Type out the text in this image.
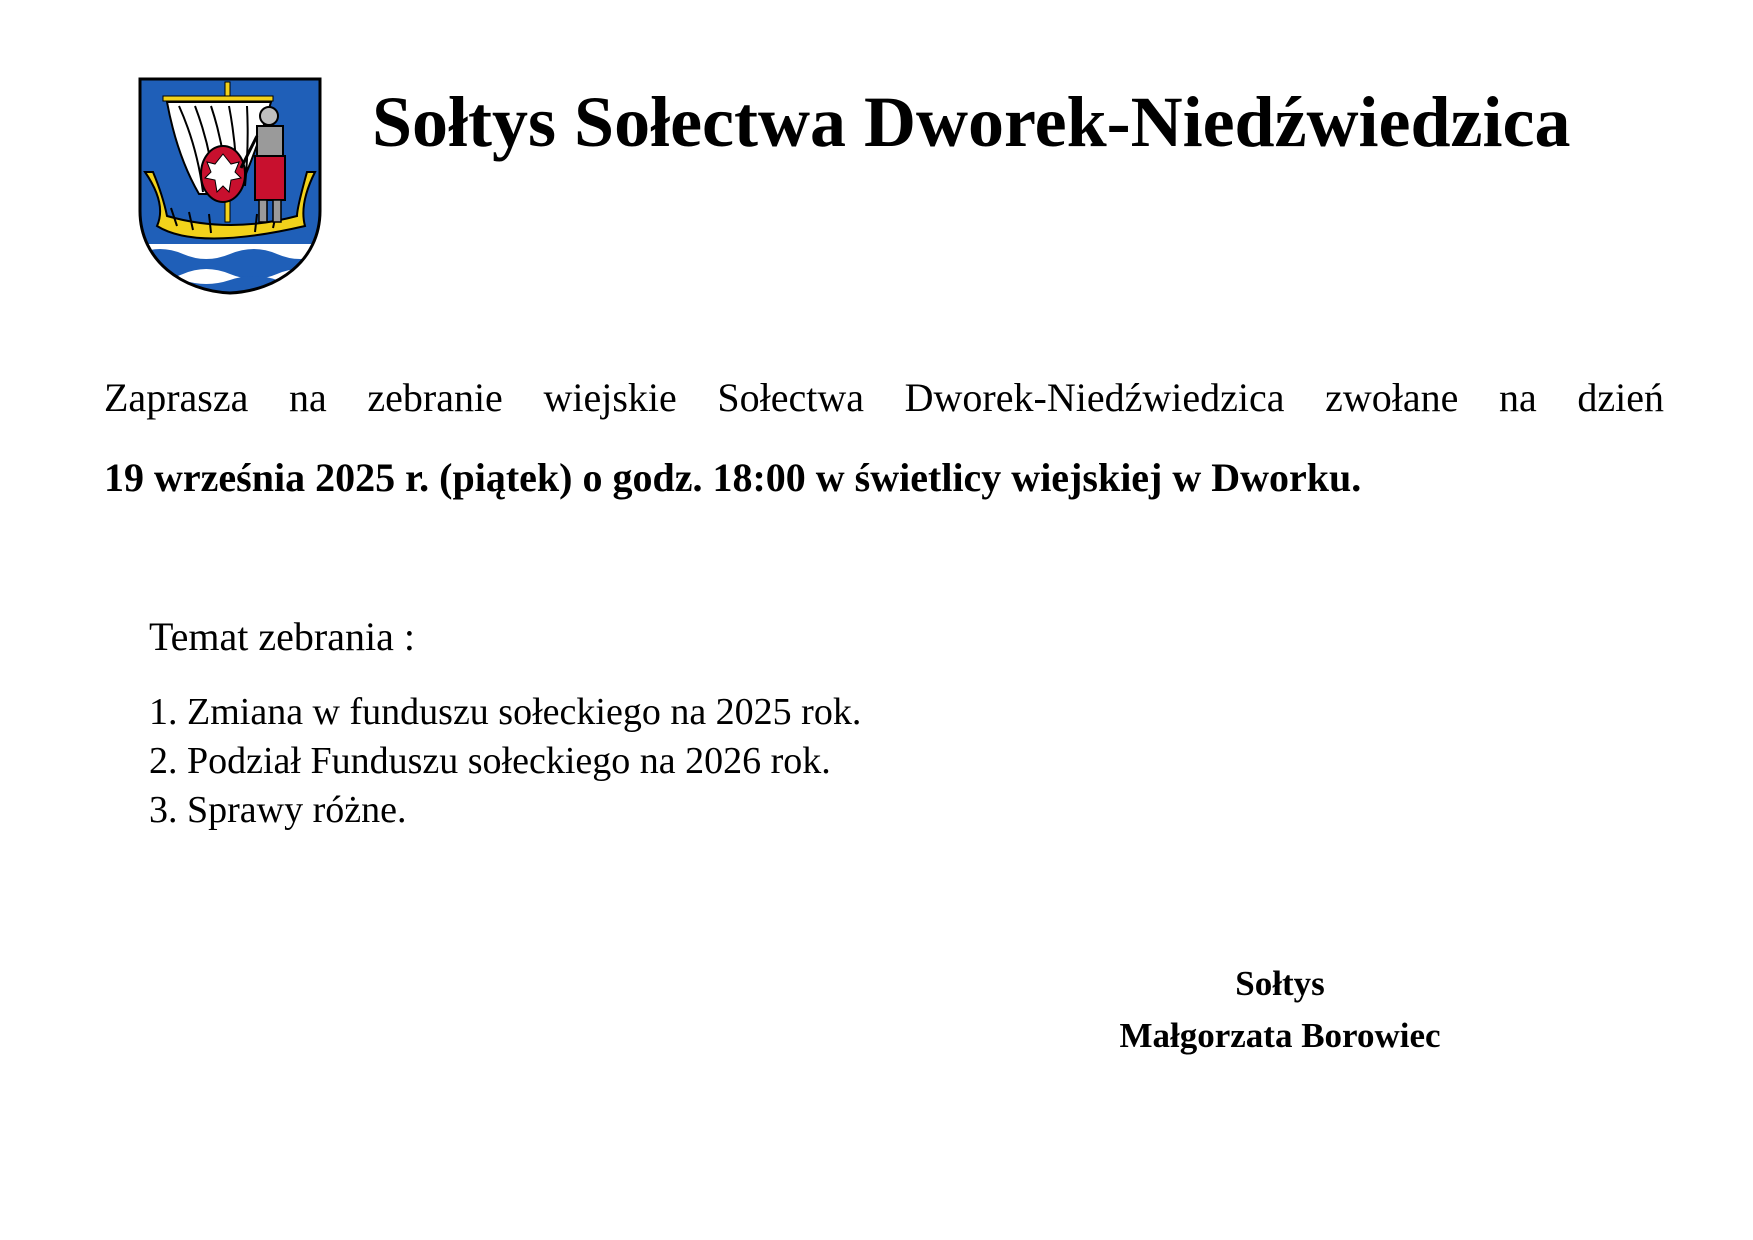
Sołtys Sołectwa Dworek-Niedźwiedzica

Zaprasza na zebranie wiejskie Sołectwa Dworek-Niedźwiedzica zwołane na dzień

19 września 2025 r. (piątek) o godz. 18:00 w świetlicy wiejskiej w Dworku.

Temat zebrania :
1. Zmiana w funduszu sołeckiego na 2025 rok.
2. Podział Funduszu sołeckiego na 2026 rok.
3. Sprawy różne.
Sołtys
Małgorzata Borowiec
